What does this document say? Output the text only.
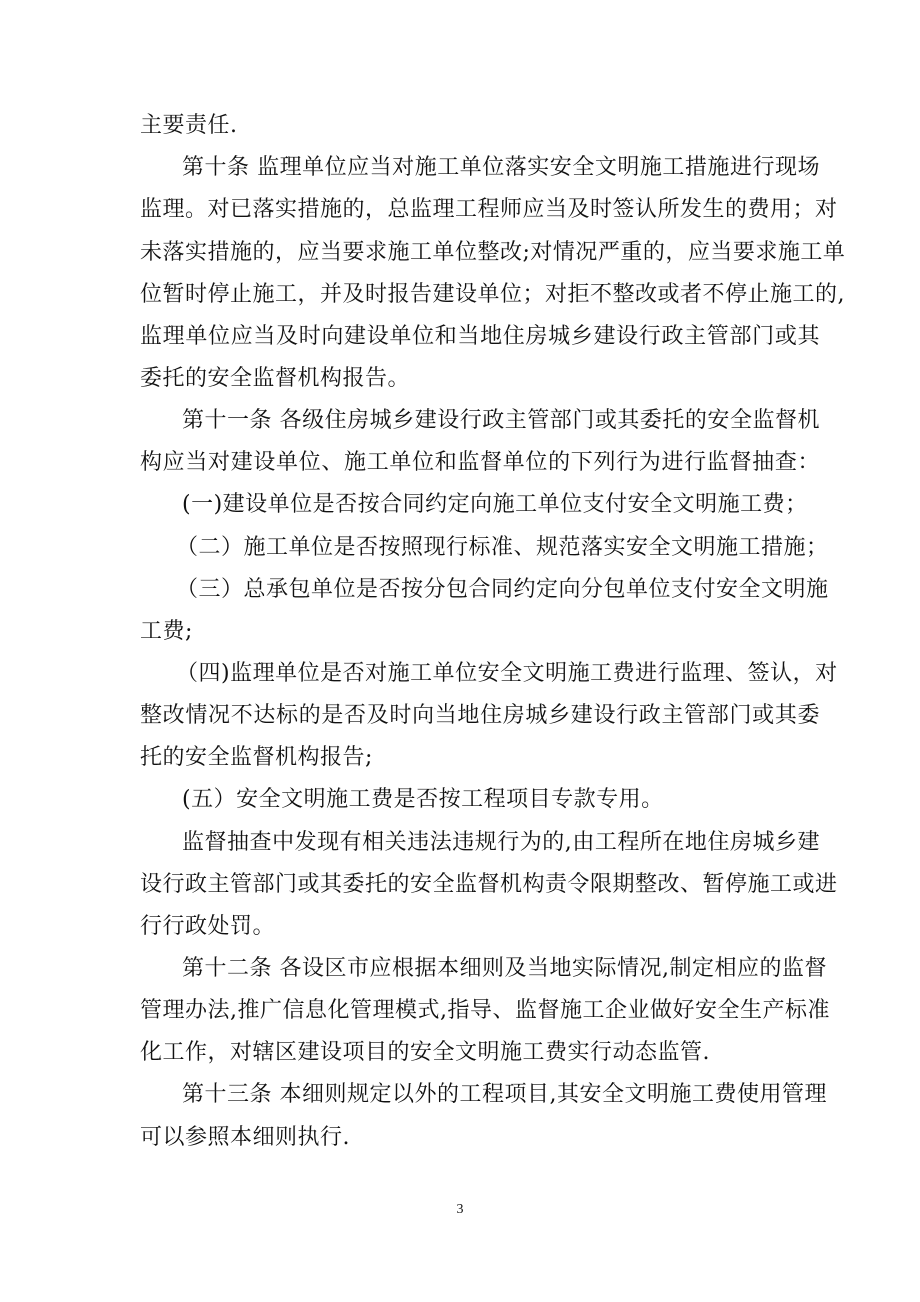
主要责任.
第十条 监理单位应当对施工单位落实安全文明施工措施进行现场
监理。对已落实措施的，总监理工程师应当及时签认所发生的费用；对
未落实措施的，应当要求施工单位整改;对情况严重的，应当要求施工单
位暂时停止施工，并及时报告建设单位；对拒不整改或者不停止施工的,
监理单位应当及时向建设单位和当地住房城乡建设行政主管部门或其
委托的安全监督机构报告。
第十一条 各级住房城乡建设行政主管部门或其委托的安全监督机
构应当对建设单位、施工单位和监督单位的下列行为进行监督抽查：
(一)建设单位是否按合同约定向施工单位支付安全文明施工费；
（二）施工单位是否按照现行标准、规范落实安全文明施工措施；
（三）总承包单位是否按分包合同约定向分包单位支付安全文明施
工费;
（四)监理单位是否对施工单位安全文明施工费进行监理、签认，对
整改情况不达标的是否及时向当地住房城乡建设行政主管部门或其委
托的安全监督机构报告;
(五）安全文明施工费是否按工程项目专款专用。
监督抽查中发现有相关违法违规行为的,由工程所在地住房城乡建
设行政主管部门或其委托的安全监督机构责令限期整改、暂停施工或进
行行政处罚。
第十二条 各设区市应根据本细则及当地实际情况,制定相应的监督
管理办法,推广信息化管理模式,指导、监督施工企业做好安全生产标准
化工作，对辖区建设项目的安全文明施工费实行动态监管.
第十三条 本细则规定以外的工程项目,其安全文明施工费使用管理
可以参照本细则执行.
3
